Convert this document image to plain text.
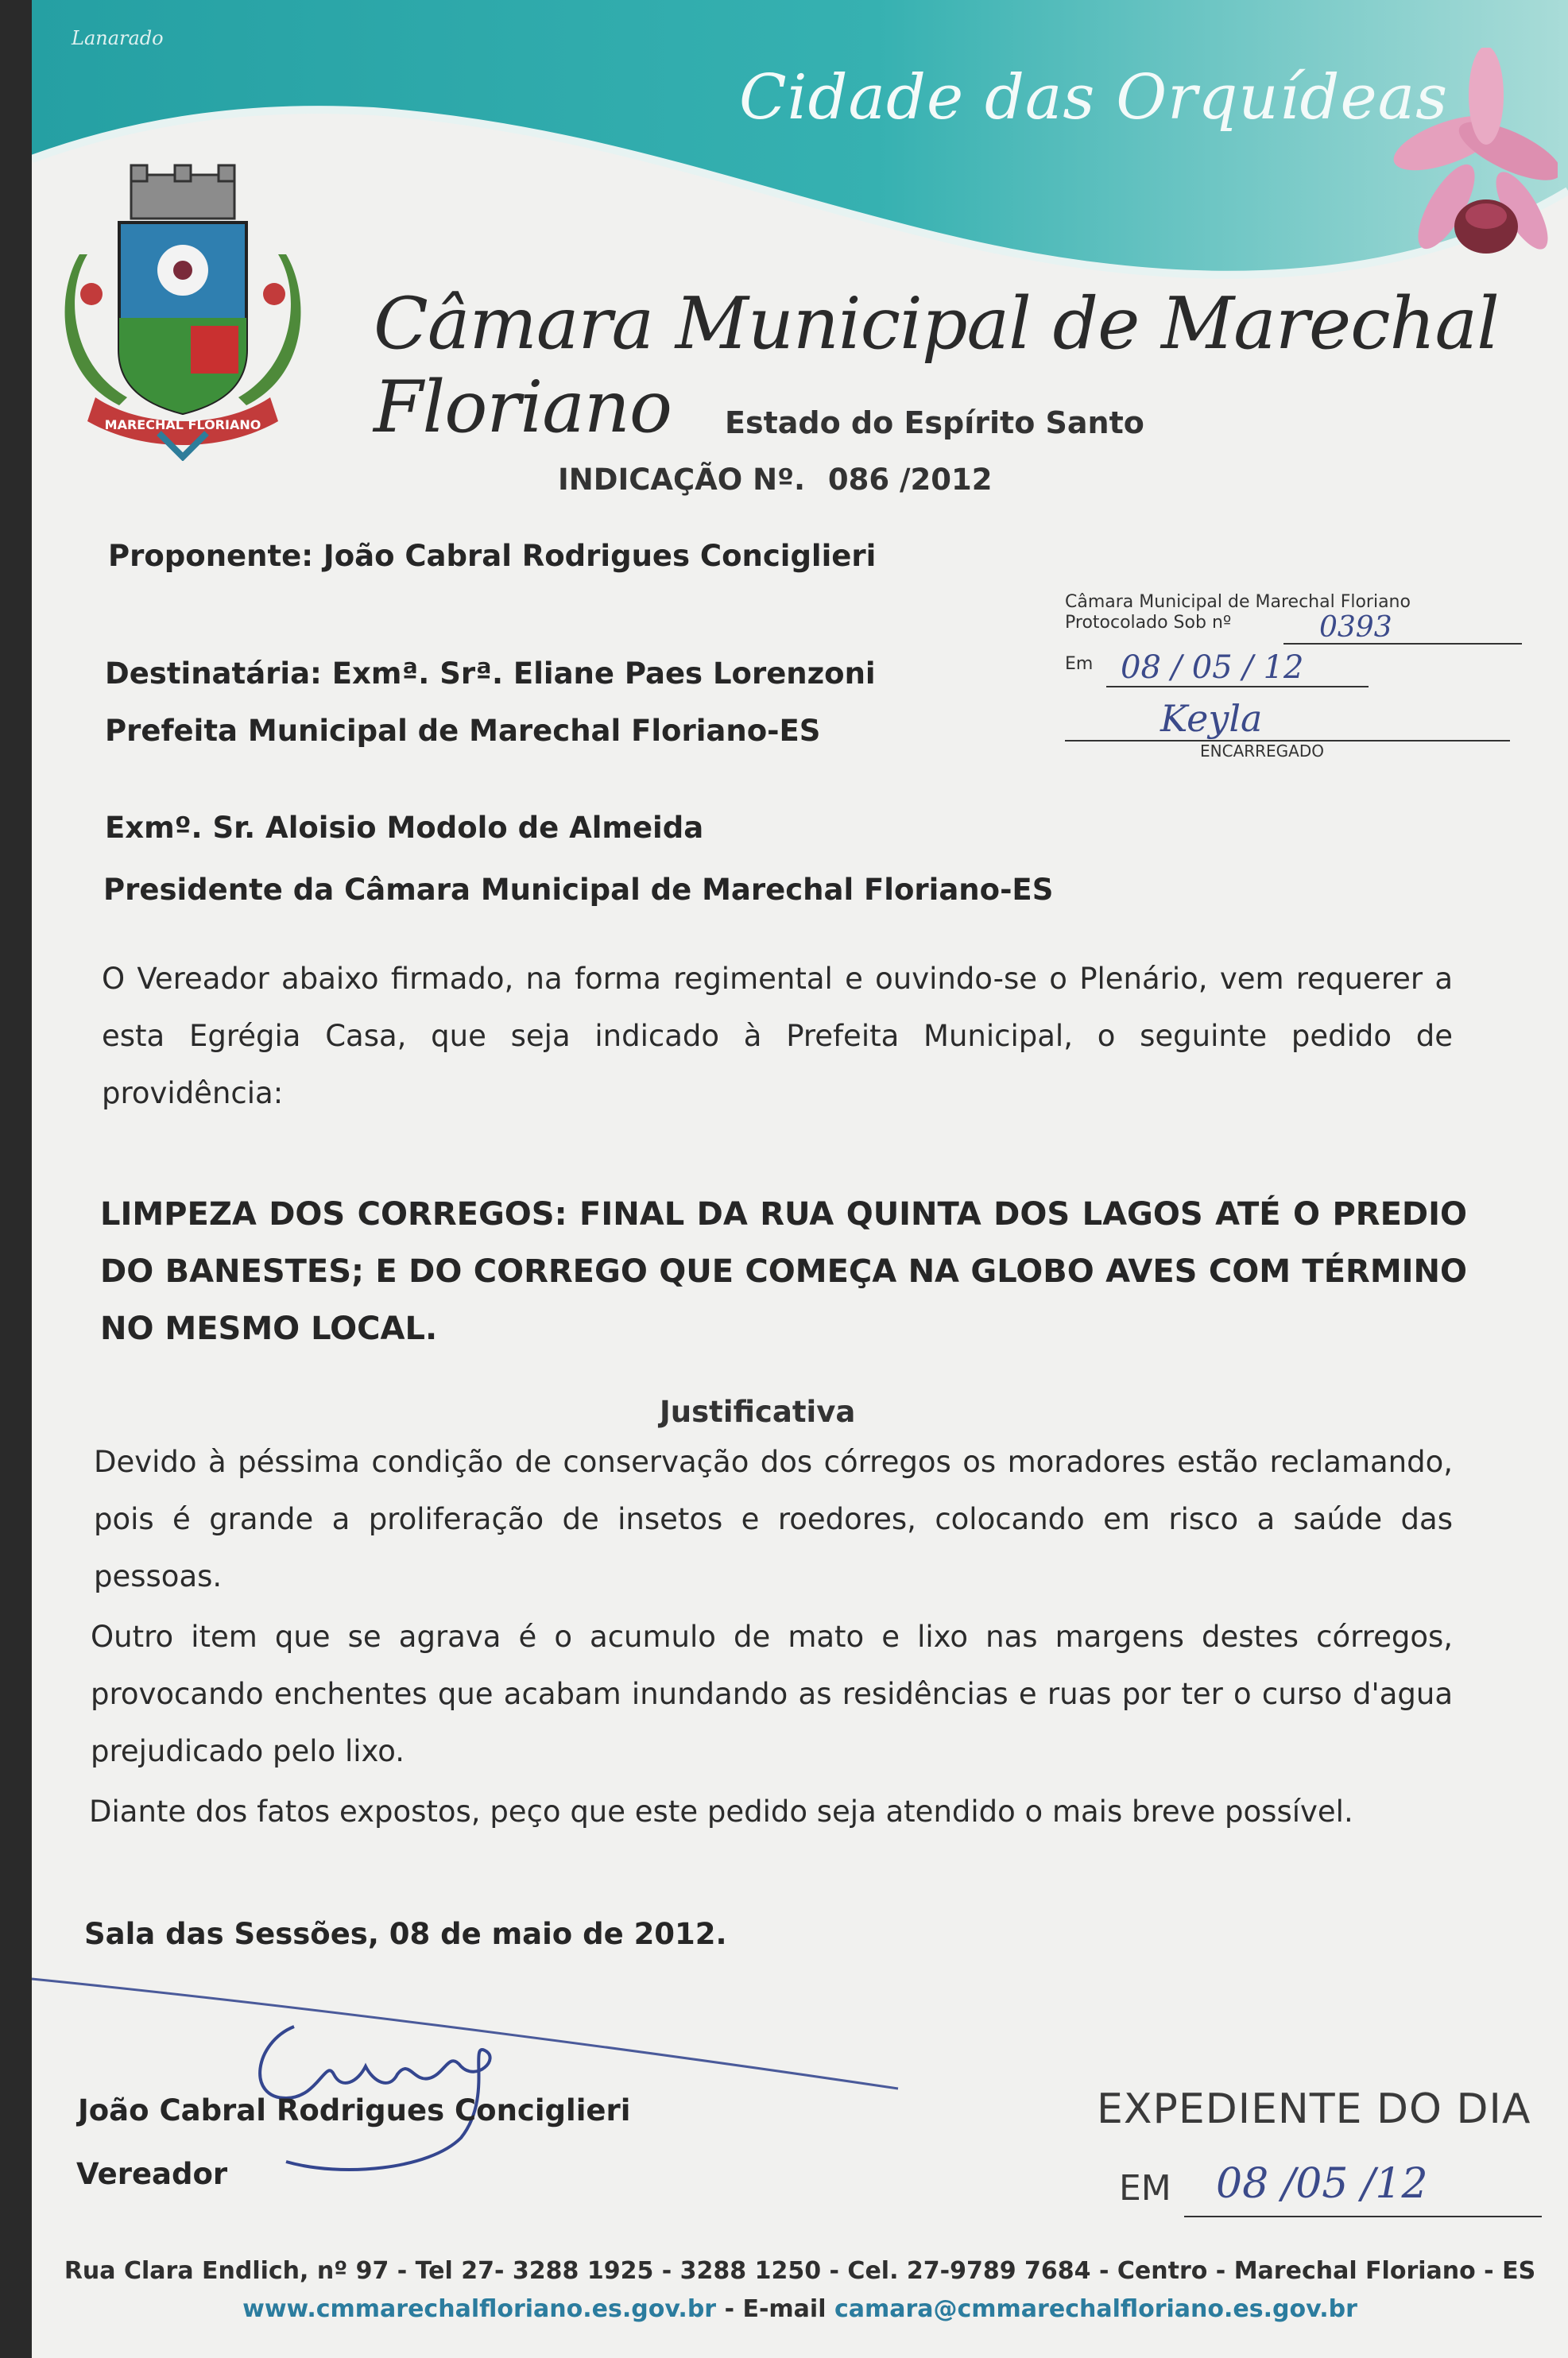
Lanarado
Cidade das Orquídeas
MARECHAL FLORIANO
Câmara Municipal de Marechal Floriano	Estado do Espírito Santo
INDICAÇÃO Nº. 086 /2012
Proponente: João Cabral Rodrigues Conciglieri
Destinatária: Exmª. Srª. Eliane Paes Lorenzoni
Prefeita Municipal de Marechal Floriano-ES
Câmara Municipal de Marechal Floriano
Protocolado Sob nº	0393
Em 08 / 05 / 12
Keyla
ENCARREGADO
Exmº. Sr. Aloisio Modolo de Almeida
Presidente da Câmara Municipal de Marechal Floriano-ES
O Vereador abaixo firmado, na forma regimental e ouvindo-se o Plenário, vem requerer a esta Egrégia Casa, que seja indicado à Prefeita Municipal, o seguinte pedido de providência:
LIMPEZA DOS CORREGOS: FINAL DA RUA QUINTA DOS LAGOS ATÉ O PREDIO DO BANESTES; E DO CORREGO QUE COMEÇA NA GLOBO AVES COM TÉRMINO NO MESMO LOCAL.
Justificativa
Devido à péssima condição de conservação dos córregos os moradores estão reclamando, pois é grande a proliferação de insetos e roedores, colocando em risco a saúde das pessoas.
Outro item que se agrava é o acumulo de mato e lixo nas margens destes córregos, provocando enchentes que acabam inundando as residências e ruas por ter o curso d'agua prejudicado pelo lixo.
Diante dos fatos expostos, peço que este pedido seja atendido o mais breve possível.
Sala das Sessões, 08 de maio de 2012.
João Cabral Rodrigues Conciglieri
Vereador
EXPEDIENTE DO DIA
EM 08 /05 /12
Rua Clara Endlich, nº 97 - Tel 27- 3288 1925 - 3288 1250 - Cel. 27-9789 7684 - Centro - Marechal Floriano - ES
www.cmmarechalfloriano.es.gov.br - E-mail camara@cmmarechalfloriano.es.gov.br
